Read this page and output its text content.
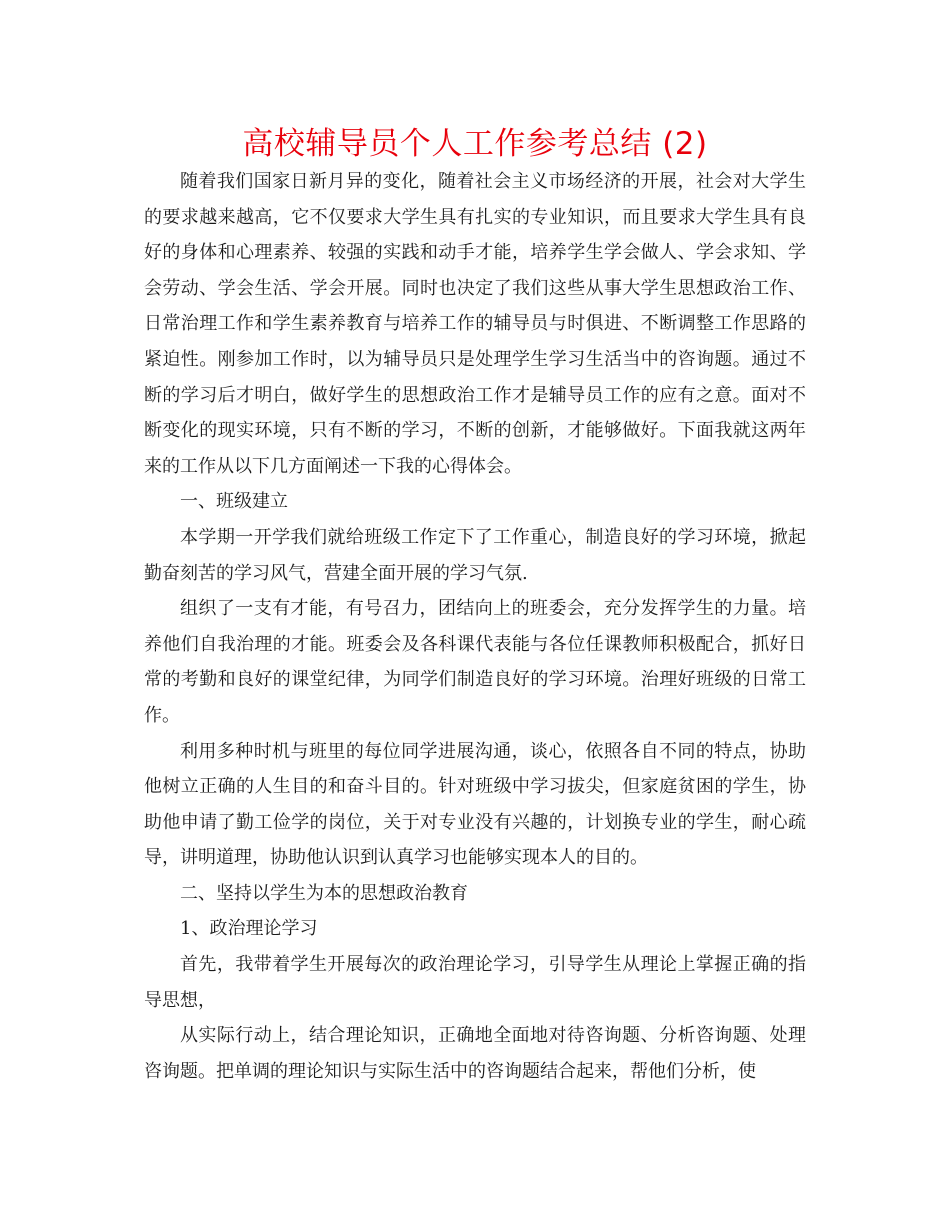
高校辅导员个人工作参考总结 (2)

随着我们国家日新月异的变化，随着社会主义市场经济的开展，社会对大学生的要求越来越高，它不仅要求大学生具有扎实的专业知识，而且要求大学生具有良好的身体和心理素养、较强的实践和动手才能，培养学生学会做人、学会求知、学会劳动、学会生活、学会开展。同时也决定了我们这些从事大学生思想政治工作、日常治理工作和学生素养教育与培养工作的辅导员与时俱进、不断调整工作思路的紧迫性。刚参加工作时，以为辅导员只是处理学生学习生活当中的咨询题。通过不断的学习后才明白，做好学生的思想政治工作才是辅导员工作的应有之意。面对不断变化的现实环境，只有不断的学习，不断的创新，才能够做好。下面我就这两年来的工作从以下几方面阐述一下我的心得体会。

一、班级建立

本学期一开学我们就给班级工作定下了工作重心，制造良好的学习环境，掀起勤奋刻苦的学习风气，营建全面开展的学习气氛.

组织了一支有才能，有号召力，团结向上的班委会，充分发挥学生的力量。培养他们自我治理的才能。班委会及各科课代表能与各位任课教师积极配合，抓好日常的考勤和良好的课堂纪律，为同学们制造良好的学习环境。治理好班级的日常工作。

利用多种时机与班里的每位同学进展沟通，谈心，依照各自不同的特点，协助他树立正确的人生目的和奋斗目的。针对班级中学习拔尖，但家庭贫困的学生，协助他申请了勤工俭学的岗位，关于对专业没有兴趣的，计划换专业的学生，耐心疏导，讲明道理，协助他认识到认真学习也能够实现本人的目的。

二、坚持以学生为本的思想政治教育

1、政治理论学习

首先，我带着学生开展每次的政治理论学习，引导学生从理论上掌握正确的指导思想，

从实际行动上，结合理论知识，正确地全面地对待咨询题、分析咨询题、处理咨询题。把单调的理论知识与实际生活中的咨询题结合起来，帮他们分析，使
